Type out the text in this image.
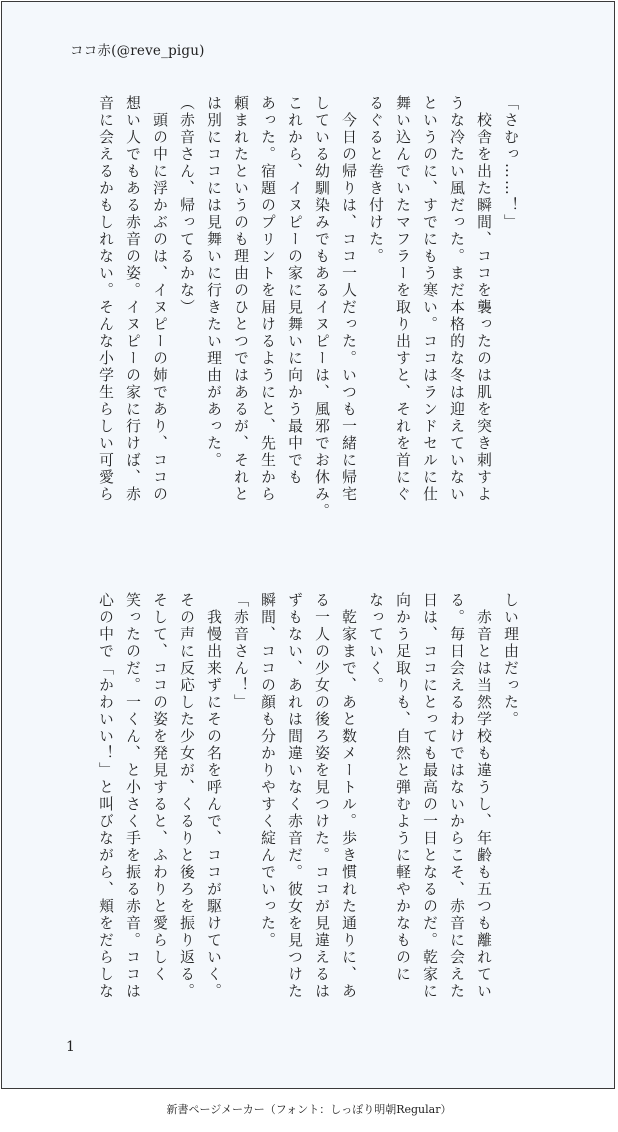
ココ赤(@reve_pigu)
「さむっ……！」
　校舎を出た瞬間、ココを襲ったのは肌を突き刺すよ
うな冷たい風だった。まだ本格的な冬は迎えていない
というのに、すでにもう寒い。ココはランドセルに仕
舞い込んでいたマフラーを取り出すと、それを首にぐ
るぐると巻き付けた。
　今日の帰りは、ココ一人だった。いつも一緒に帰宅
している幼馴染みでもあるイヌピーは、風邪でお休み。
これから、イヌピーの家に見舞いに向かう最中でも
あった。宿題のプリントを届けるようにと、先生から
頼まれたというのも理由のひとつではあるが、それと
は別にココには見舞いに行きたい理由があった。
（赤音さん、帰ってるかな）
　頭の中に浮かぶのは、イヌピーの姉であり、ココの
想い人でもある赤音の姿。イヌピーの家に行けば、赤
音に会えるかもしれない。そんな小学生らしい可愛ら
しい理由だった。
　赤音とは当然学校も違うし、年齢も五つも離れてい
る。毎日会えるわけではないからこそ、赤音に会えた
日は、ココにとっても最高の一日となるのだ。乾家に
向かう足取りも、自然と弾むように軽やかなものに
なっていく。
　乾家まで、あと数メートル。歩き慣れた通りに、あ
る一人の少女の後ろ姿を見つけた。ココが見違えるは
ずもない、あれは間違いなく赤音だ。彼女を見つけた
瞬間、ココの顔も分かりやすく綻んでいった。
「赤音さん！」
　我慢出来ずにその名を呼んで、ココが駆けていく。
その声に反応した少女が、くるりと後ろを振り返る。
そして、ココの姿を発見すると、ふわりと愛らしく
笑ったのだ。一くん、と小さく手を振る赤音。ココは
心の中で「かわいい！」と叫びながら、頬をだらしな
1
新書ページメーカー（フォント：しっぽり明朝Regular）
